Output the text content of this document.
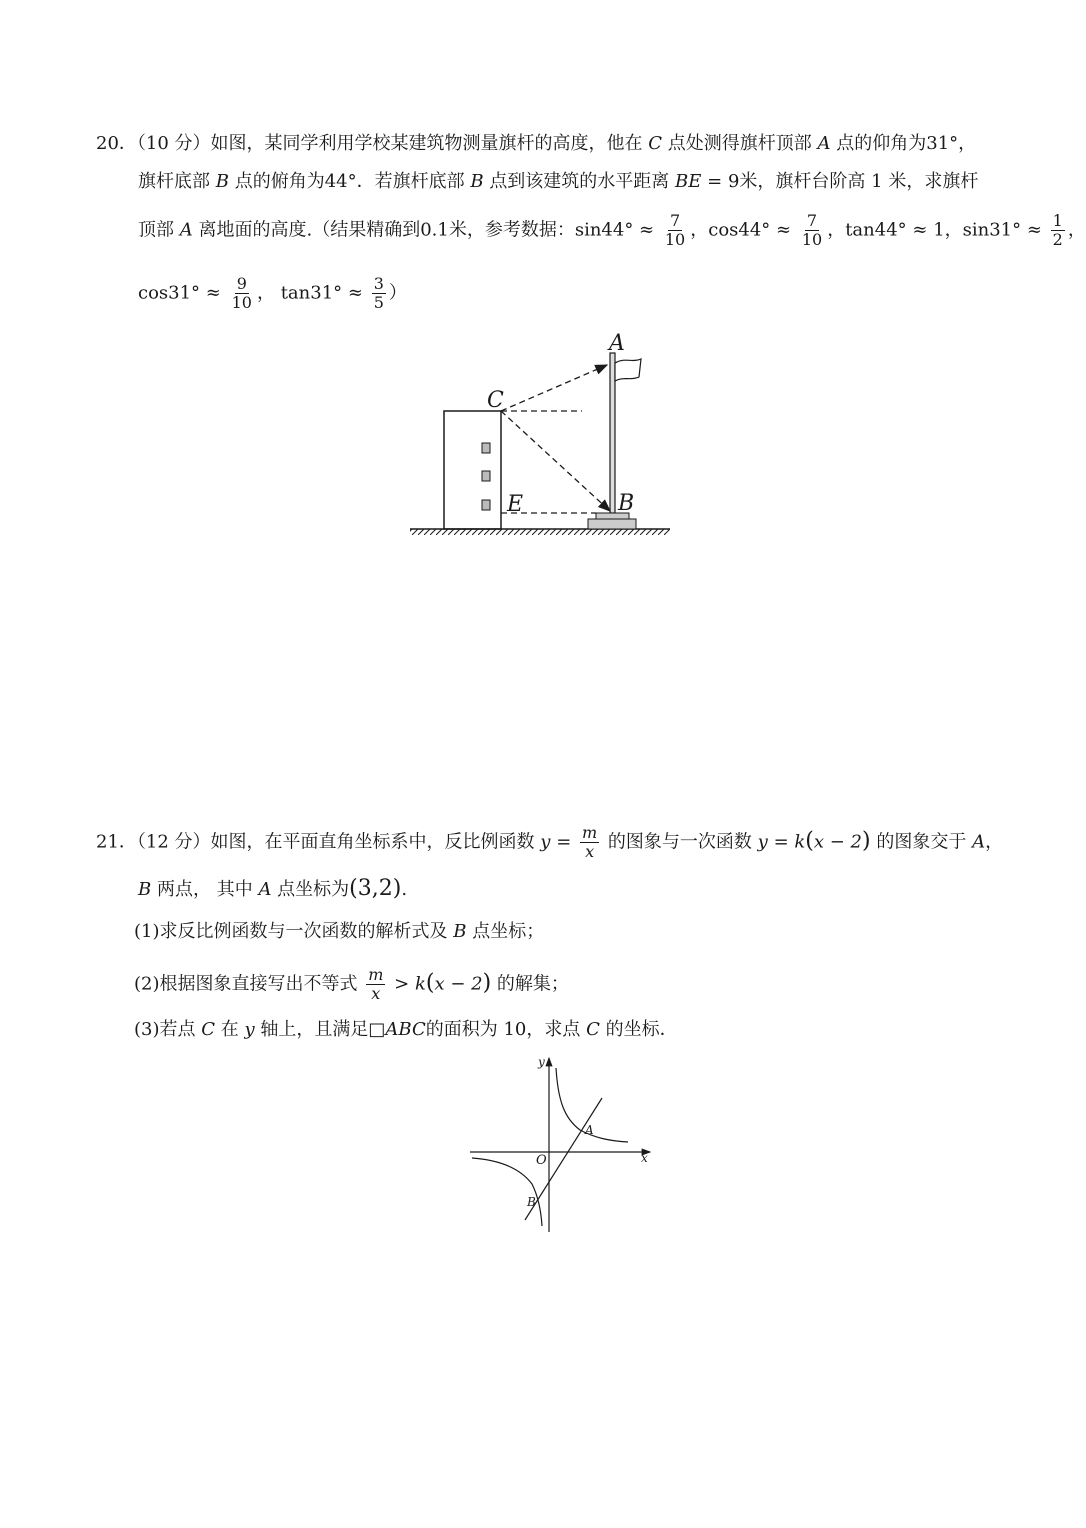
20．（10 分）如图，某同学利用学校某建筑物测量旗杆的高度，他在 C 点处测得旗杆顶部 A 点的仰角为31°，
旗杆底部 B 点的俯角为44°．若旗杆底部 B 点到该建筑的水平距离 BE = 9米，旗杆台阶高 1 米，求旗杆
顶部 A 离地面的高度.（结果精确到0.1米，参考数据：$\sin 44^\circ \approx \frac{7}{10}$ ，$\cos 44^\circ \approx \frac{7}{10}$ ，tan44° ≈ 1，$\sin 31^\circ \approx \frac{1}{2}$ ，
$\cos 31^\circ \approx \frac{9}{10}$ ， $\tan 31^\circ \approx \frac{3}{5}$ ）
A
C
E	B
21．（12 分）如图，在平面直角坐标系中，反比例函数 $y = \frac{m}{x}$ 的图象与一次函数 y = k(x − 2) 的图象交于 A，
B 两点， 其中 A 点坐标为(3,2).
(1)求反比例函数与一次函数的解析式及 B 点坐标；
(2)根据图象直接写出不等式 $\frac{m}{x} > k(x - 2)$ 的解集；
(3)若点 C 在 y 轴上，且满足□ABC的面积为 10，求点 C 的坐标．
y
x
O
A
B
